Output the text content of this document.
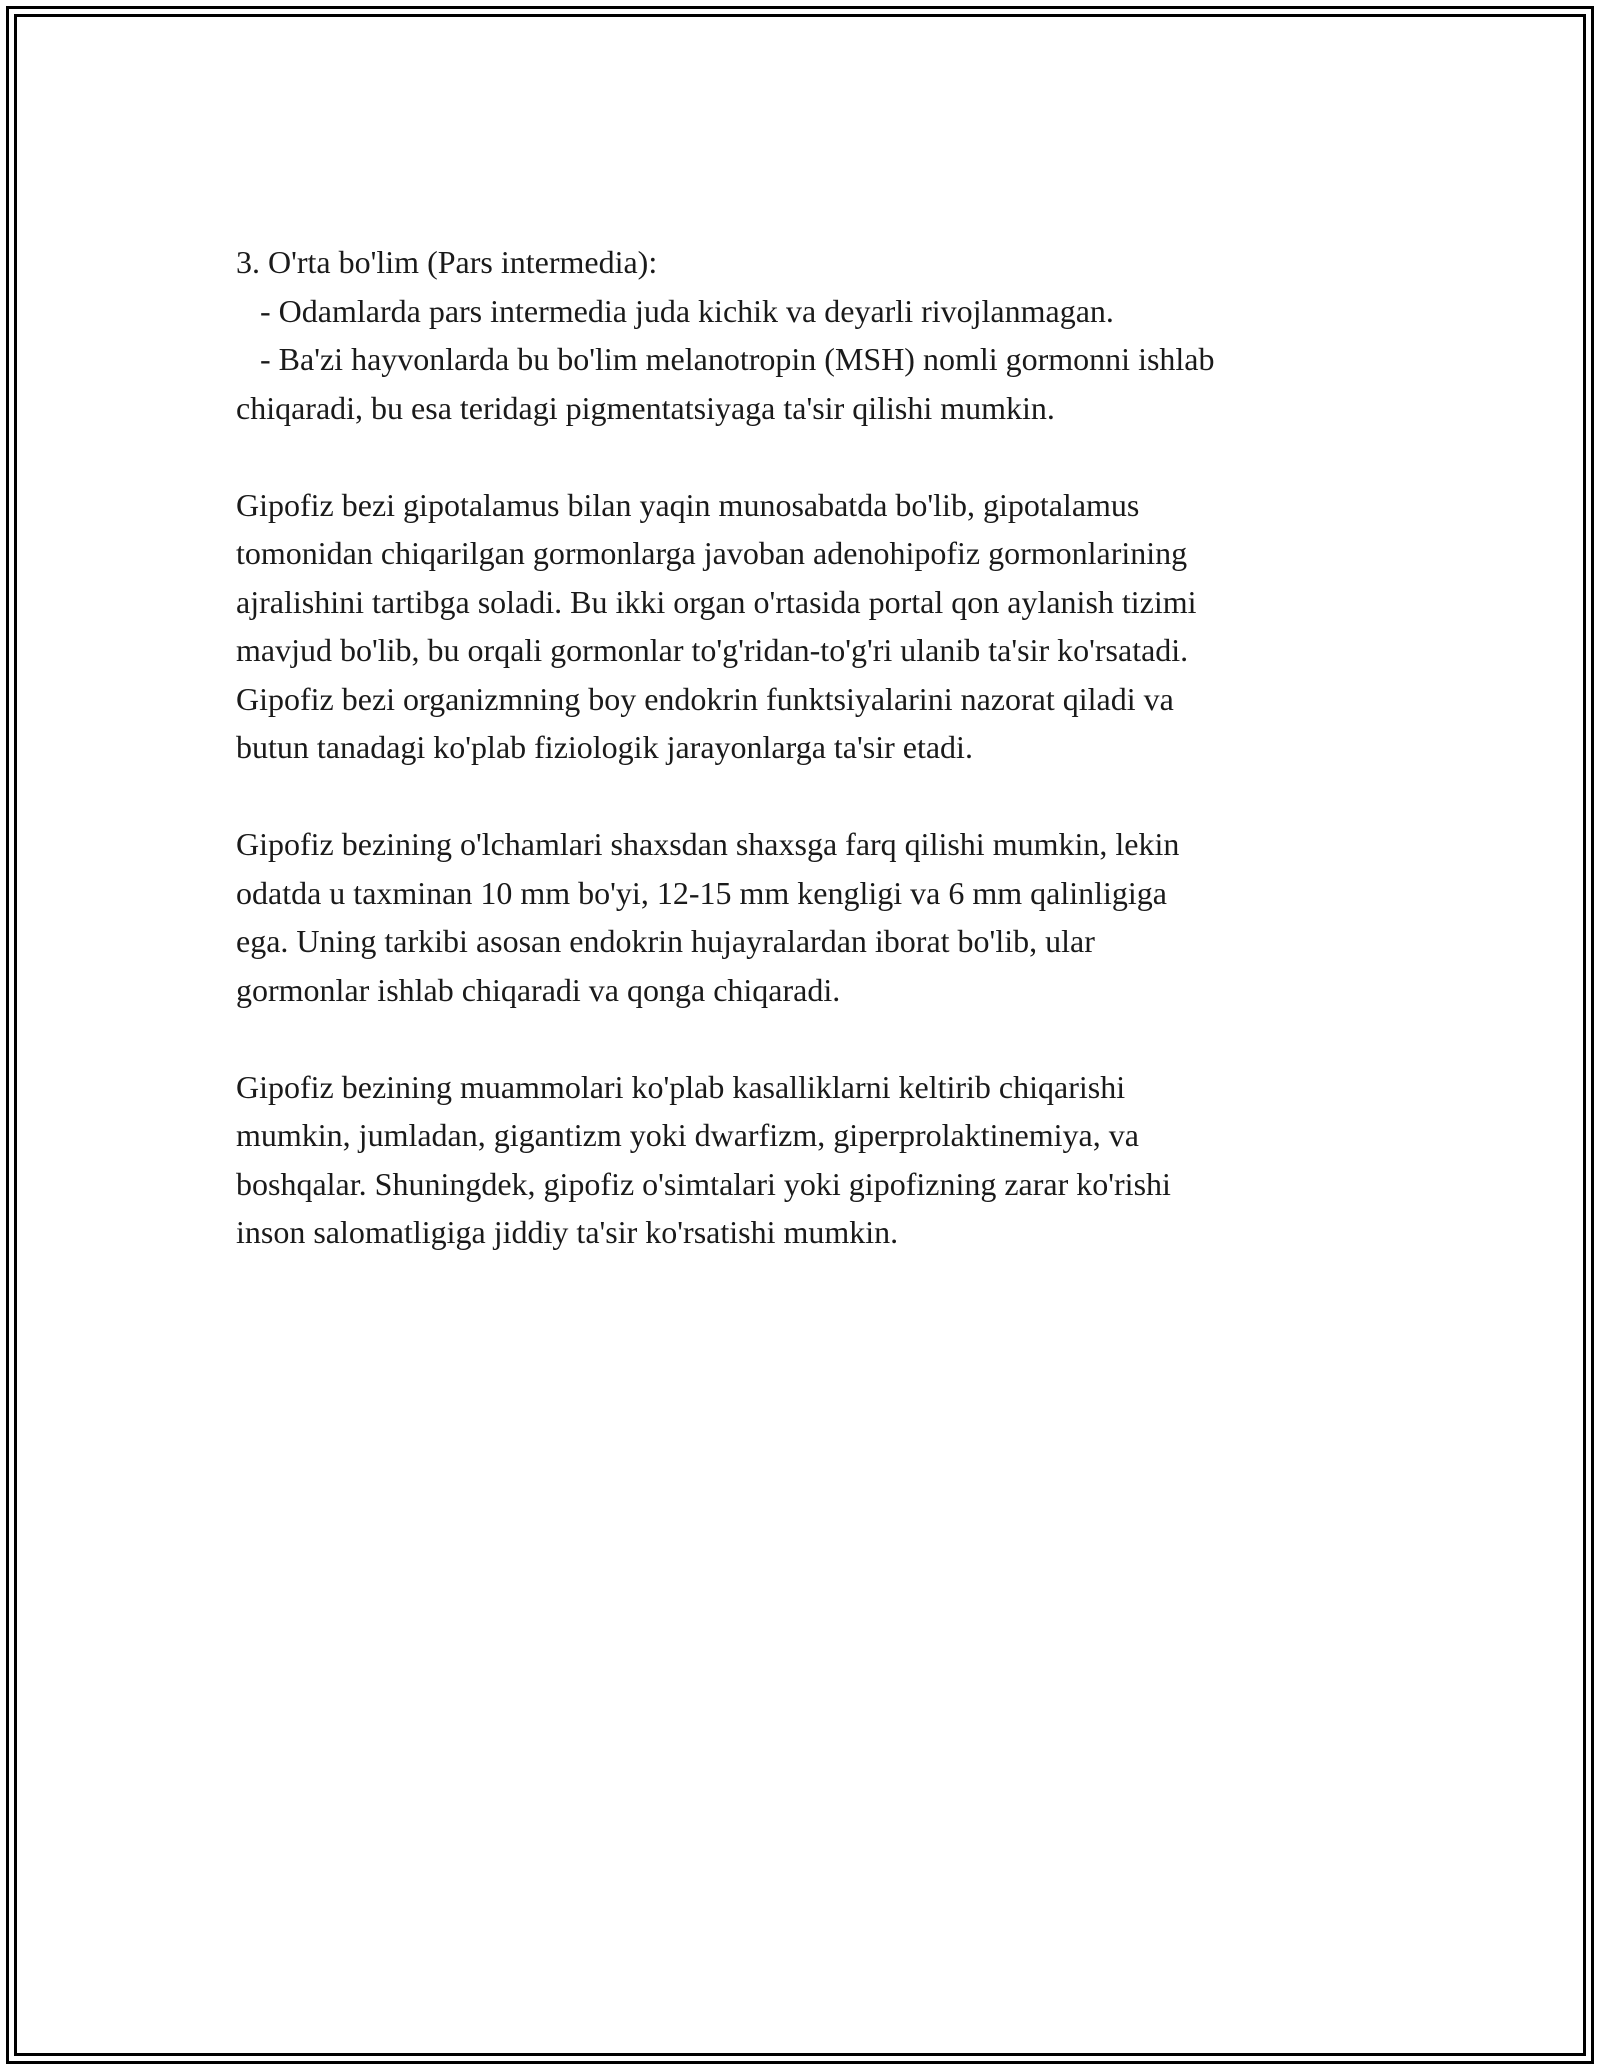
3. O'rta bo'lim (Pars intermedia):
- Odamlarda pars intermedia juda kichik va deyarli rivojlanmagan.
- Ba'zi hayvonlarda bu bo'lim melanotropin (MSH) nomli gormonni ishlab
chiqaradi, bu esa teridagi pigmentatsiyaga ta'sir qilishi mumkin.
Gipofiz bezi gipotalamus bilan yaqin munosabatda bo'lib, gipotalamus
tomonidan chiqarilgan gormonlarga javoban adenohipofiz gormonlarining
ajralishini tartibga soladi. Bu ikki organ o'rtasida portal qon aylanish tizimi
mavjud bo'lib, bu orqali gormonlar to'g'ridan-to'g'ri ulanib ta'sir ko'rsatadi.
Gipofiz bezi organizmning boy endokrin funktsiyalarini nazorat qiladi va
butun tanadagi ko'plab fiziologik jarayonlarga ta'sir etadi.
Gipofiz bezining o'lchamlari shaxsdan shaxsga farq qilishi mumkin, lekin
odatda u taxminan 10 mm bo'yi, 12-15 mm kengligi va 6 mm qalinligiga
ega. Uning tarkibi asosan endokrin hujayralardan iborat bo'lib, ular
gormonlar ishlab chiqaradi va qonga chiqaradi.
Gipofiz bezining muammolari ko'plab kasalliklarni keltirib chiqarishi
mumkin, jumladan, gigantizm yoki dwarfizm, giperprolaktinemiya, va
boshqalar. Shuningdek, gipofiz o'simtalari yoki gipofizning zarar ko'rishi
inson salomatligiga jiddiy ta'sir ko'rsatishi mumkin.
